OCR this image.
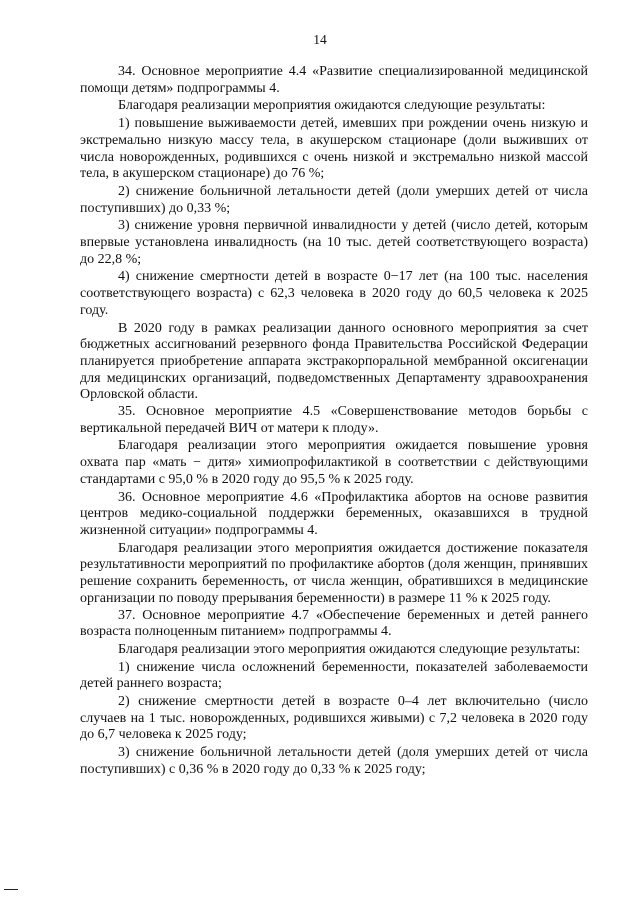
14

34. Основное мероприятие 4.4 «Развитие специализированной медицинской помощи детям» подпрограммы 4.

Благодаря реализации мероприятия ожидаются следующие результаты:

1) повышение выживаемости детей, имевших при рождении очень низкую и экстремально низкую массу тела, в акушерском стационаре (доли выживших от числа новорожденных, родившихся с очень низкой и экстремально низкой массой тела, в акушерском стационаре) до 76 %;

2) снижение больничной летальности детей (доли умерших детей от числа поступивших) до 0,33 %;

3) снижение уровня первичной инвалидности у детей (число детей, которым впервые установлена инвалидность (на 10 тыс. детей соответствующего возраста) до 22,8 %;

4) снижение смертности детей в возрасте 0−17 лет (на 100 тыс. населения соответствующего возраста) с 62,3 человека в 2020 году до 60,5 человека к 2025 году.

В 2020 году в рамках реализации данного основного мероприятия за счет бюджетных ассигнований резервного фонда Правительства Российской Федерации планируется приобретение аппарата экстракорпоральной мембранной оксигенации для медицинских организаций, подведомственных Департаменту здравоохранения Орловской области.

35. Основное мероприятие 4.5 «Совершенствование методов борьбы с вертикальной передачей ВИЧ от матери к плоду».

Благодаря реализации этого мероприятия ожидается повышение уровня охвата пар «мать − дитя» химиопрофилактикой в соответствии с действующими стандартами с 95,0 % в 2020 году до 95,5 % к 2025 году.

36. Основное мероприятие 4.6 «Профилактика абортов на основе развития центров медико-социальной поддержки беременных, оказавшихся в трудной жизненной ситуации» подпрограммы 4.

Благодаря реализации этого мероприятия ожидается достижение показателя результативности мероприятий по профилактике абортов (доля женщин, принявших решение сохранить беременность, от числа женщин, обратившихся в медицинские организации по поводу прерывания беременности) в размере 11 % к 2025 году.

37. Основное мероприятие 4.7 «Обеспечение беременных и детей раннего возраста полноценным питанием» подпрограммы 4.

Благодаря реализации этого мероприятия ожидаются следующие результаты:

1) снижение числа осложнений беременности, показателей заболеваемости детей раннего возраста;

2) снижение смертности детей в возрасте 0–4 лет включительно (число случаев на 1 тыс. новорожденных, родившихся живыми) с 7,2 человека в 2020 году до 6,7 человека к 2025 году;

3) снижение больничной летальности детей (доля умерших детей от числа поступивших) с 0,36 % в 2020 году до 0,33 % к 2025 году;
